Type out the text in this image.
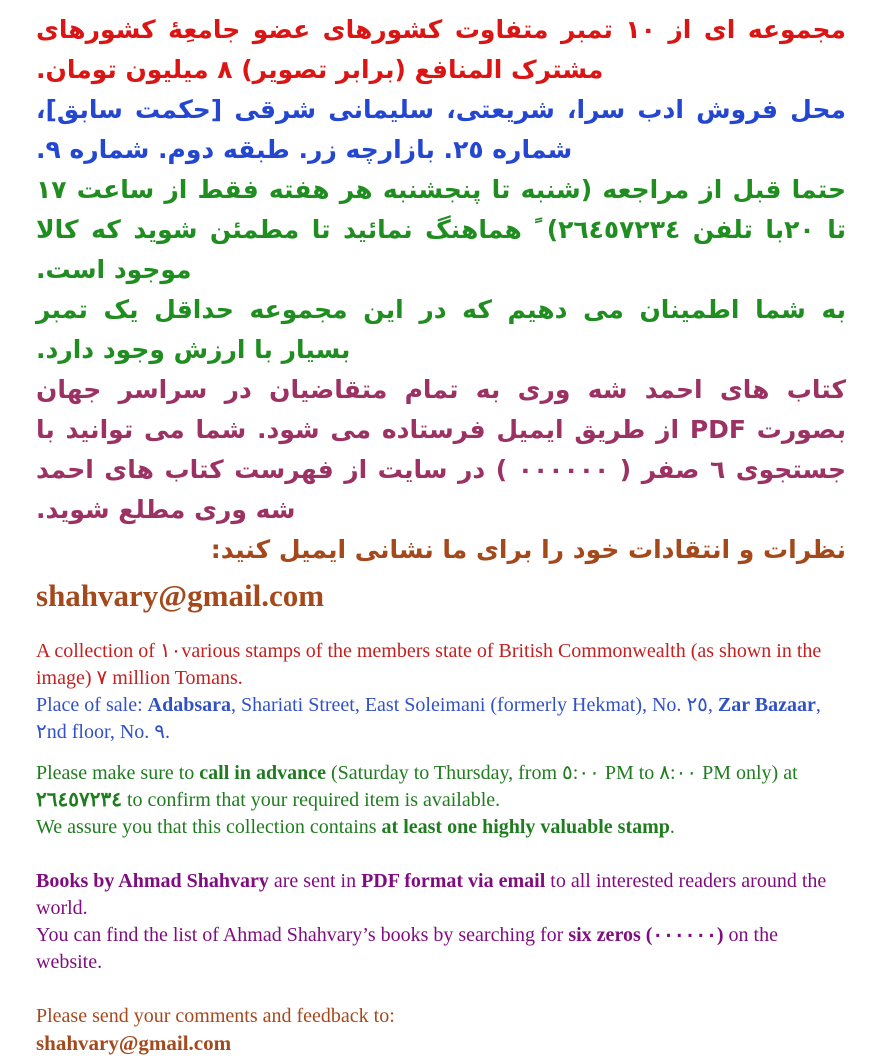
مجموعه ای از ١٠ تمبر متفاوت کشورهای عضو جامعِۀ کشورهای مشترک المنافع (برابر تصویر) ٨ میلیون تومان.

محل فروش ادب سرا، شریعتی، سلیمانی شرقی [حکمت سابق]، شماره ٢٥. بازارچه زر. طبقه دوم. شماره ٩.

حتما قبل از مراجعه (شنبه تا پنجشنبه هر هفته فقط از ساعت ١٧ تا ٢٠با تلفن ٢٦٤٥٧٢٣٤) ً هماهنگ نمائید تا مطمئن شوید که کالا موجود است.

به شما اطمینان می دهیم که در این مجموعه حداقل یک تمبر بسیار با ارزش وجود دارد.

کتاب های احمد شه وری به تمام متقاضیان در سراسر جهان بصورت PDF از طریق ایمیل فرستاده می شود. شما می توانید با جستجوی ٦ صفر ( ٠٠٠٠٠٠ ) در سایت از فهرست کتاب های احمد شه وری مطلع شوید.

نظرات و انتقادات خود را برای ما نشانی ایمیل کنید:

shahvary@gmail.com

A collection of ١٠various stamps of the members state of British Commonwealth (as shown in the image) ٧ million Tomans.

Place of sale: Adabsara, Shariati Street, East Soleimani (formerly Hekmat), No. ٢٥, Zar Bazaar, ٢nd floor, No. ٩.

Please make sure to call in advance (Saturday to Thursday, from ٥:٠٠ PM to ٨:٠٠ PM only) at ٢٦٤٥٧٢٣٤ to confirm that your required item is available.

We assure you that this collection contains at least one highly valuable stamp.

Books by Ahmad Shahvary are sent in PDF format via email to all interested readers around the world.

You can find the list of Ahmad Shahvary’s books by searching for six zeros (٠٠٠٠٠٠) on the website.

Please send your comments and feedback to:

shahvary@gmail.com
